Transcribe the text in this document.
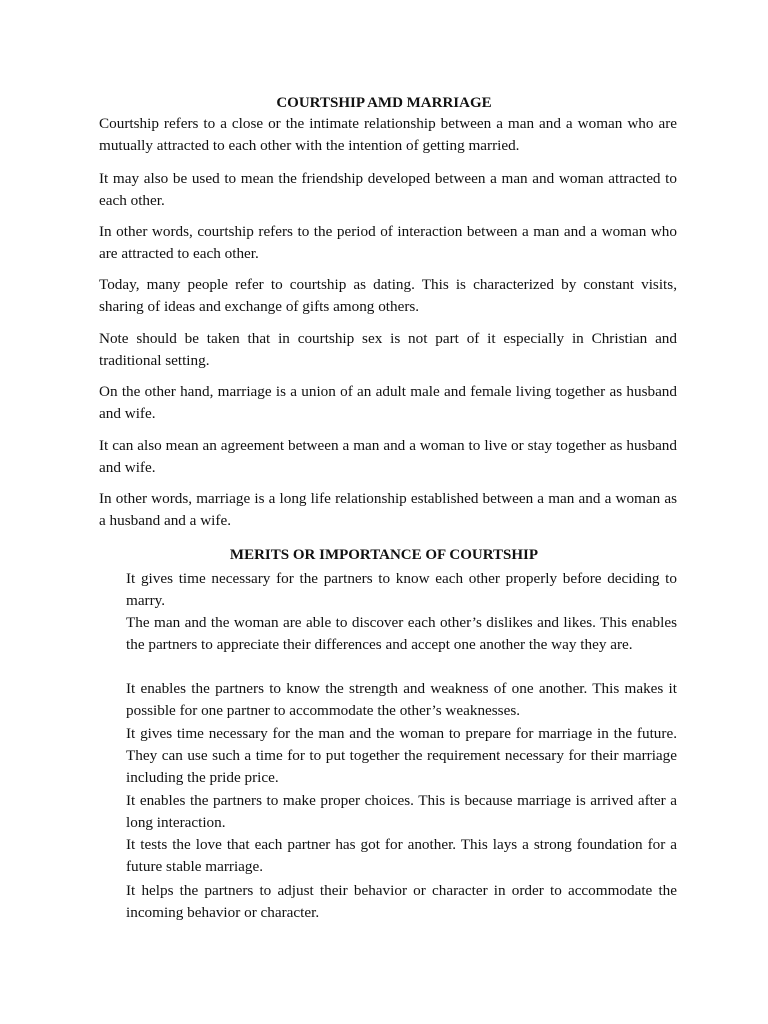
COURTSHIP AMD MARRIAGE

Courtship refers to a close or the intimate relationship between a man and a woman who are mutually attracted to each other with the intention of getting married.

It may also be used to mean the friendship developed between a man and woman attracted to each other.

In other words, courtship refers to the period of interaction between a man and a woman who are attracted to each other.

Today, many people refer to courtship as dating. This is characterized by constant visits, sharing of ideas and exchange of gifts among others.

Note should be taken that in courtship sex is not part of it especially in Christian and traditional setting.

On the other hand, marriage is a union of an adult male and female living together as husband and wife.

It can also mean an agreement between a man and a woman to live or stay together as husband and wife.

In other words, marriage is a long life relationship established between a man and a woman as a husband and a wife.

MERITS OR IMPORTANCE OF COURTSHIP

It gives time necessary for the partners to know each other properly before deciding to marry.

The man and the woman are able to discover each other’s dislikes and likes. This enables the partners to appreciate their differences and accept one another the way they are.

It enables the partners to know the strength and weakness of one another. This makes it possible for one partner to accommodate the other’s weaknesses.

It gives time necessary for the man and the woman to prepare for marriage in the future. They can use such a time for to put together the requirement necessary for their marriage including the pride price.

It enables the partners to make proper choices. This is because marriage is arrived after a long interaction.

It tests the love that each partner has got for another. This lays a strong foundation for a future stable marriage.

It helps the partners to adjust their behavior or character in order to accommodate the incoming behavior or character.
